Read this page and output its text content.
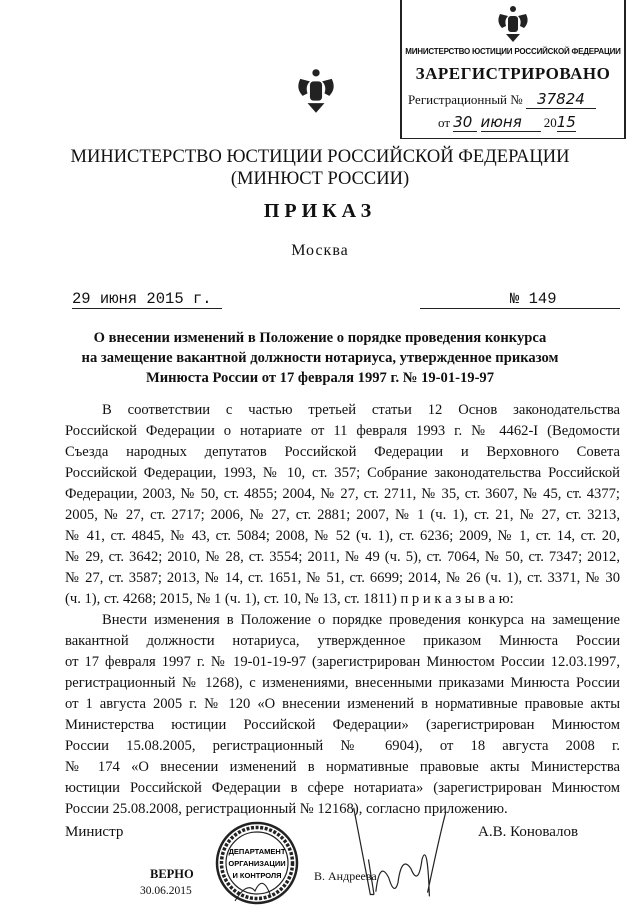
МИНИСТЕРСТВО ЮСТИЦИИ РОССИЙСКОЙ ФЕДЕРАЦИИ
ЗАРЕГИСТРИРОВАНО
Регистрационный № 37824
от 30 июня 2015
МИНИСТЕРСТВО ЮСТИЦИИ РОССИЙСКОЙ ФЕДЕРАЦИИ
(МИНЮСТ РОССИИ)
ПРИКАЗ
Москва
29 июня 2015 г.	№ 149
О внесении изменений в Положение о порядке проведения конкурса
на замещение вакантной должности нотариуса, утвержденное приказом
Минюста России от 17 февраля 1997 г. № 19-01-19-97
В соответствии с частью третьей статьи 12 Основ законодательства
Российской Федерации о нотариате от 11 февраля 1993 г. № 4462-I (Ведомости
Съезда народных депутатов Российской Федерации и Верховного Совета
Российской Федерации, 1993, № 10, ст. 357; Собрание законодательства Российской
Федерации, 2003, № 50, ст. 4855; 2004, № 27, ст. 2711, № 35, ст. 3607, № 45, ст. 4377;
2005, № 27, ст. 2717; 2006, № 27, ст. 2881; 2007, № 1 (ч. 1), ст. 21, № 27, ст. 3213,
№ 41, ст. 4845, № 43, ст. 5084; 2008, № 52 (ч. 1), ст. 6236; 2009, № 1, ст. 14, ст. 20,
№ 29, ст. 3642; 2010, № 28, ст. 3554; 2011, № 49 (ч. 5), ст. 7064, № 50, ст. 7347; 2012,
№ 27, ст. 3587; 2013, № 14, ст. 1651, № 51, ст. 6699; 2014, № 26 (ч. 1), ст. 3371, № 30
(ч. 1), ст. 4268; 2015, № 1 (ч. 1), ст. 10, № 13, ст. 1811) п р и к а з ы в а ю:
Внести изменения в Положение о порядке проведения конкурса на замещение
вакантной должности нотариуса, утвержденное приказом Минюста России
от 17 февраля 1997 г. № 19-01-19-97 (зарегистрирован Минюстом России 12.03.1997,
регистрационный № 1268), с изменениями, внесенными приказами Минюста России
от 1 августа 2005 г. № 120 «О внесении изменений в нормативные правовые акты
Министерства юстиции Российской Федерации» (зарегистрирован Минюстом
России 15.08.2005, регистрационный № 6904), от 18 августа 2008 г.
№ 174 «О внесении изменений в нормативные правовые акты Министерства
юстиции Российской Федерации в сфере нотариата» (зарегистрирован Минюстом
России 25.08.2008, регистрационный № 12168), согласно приложению.
Министр	А.В. Коновалов
ДЕПАРТАМЕНТ
ОРГАНИЗАЦИИ
И КОНТРОЛЯ
ВЕРНО
30.06.2015
В. Андреева
